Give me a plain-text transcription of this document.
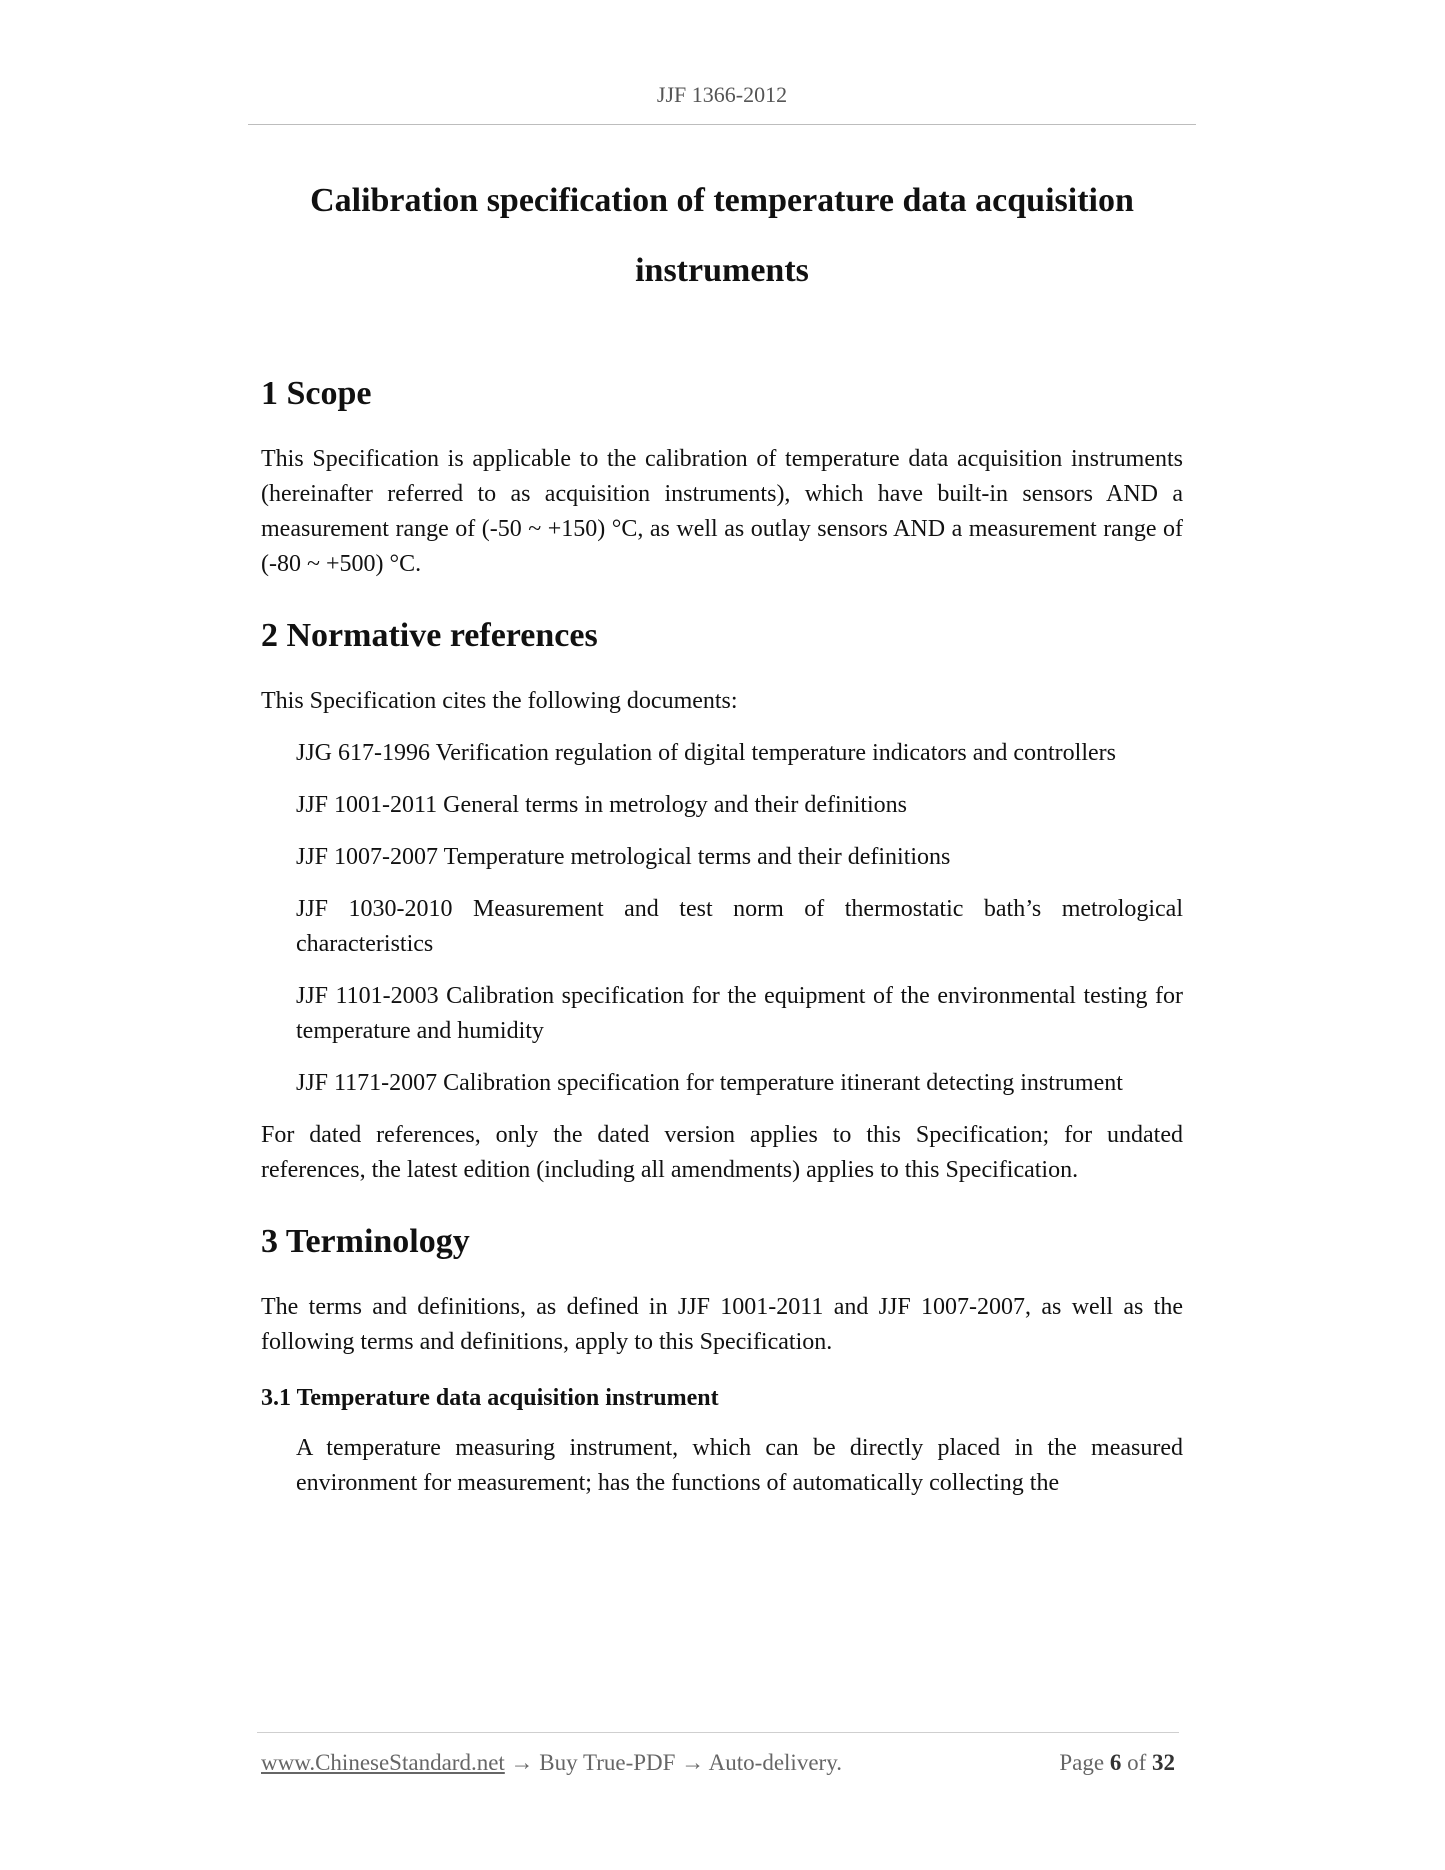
JJF 1366-2012
Calibration specification of temperature data acquisition
instruments
1 Scope

This Specification is applicable to the calibration of temperature data acquisition instruments (hereinafter referred to as acquisition instruments), which have built-in sensors AND a measurement range of (-50 ~ +150) °C, as well as outlay sensors AND a measurement range of (-80 ~ +500) °C.

2 Normative references

This Specification cites the following documents:

JJG 617-1996 Verification regulation of digital temperature indicators and controllers

JJF 1001-2011 General terms in metrology and their definitions

JJF 1007-2007 Temperature metrological terms and their definitions

JJF 1030-2010 Measurement and test norm of thermostatic bath’s metrological characteristics

JJF 1101-2003 Calibration specification for the equipment of the environmental testing for temperature and humidity

JJF 1171-2007 Calibration specification for temperature itinerant detecting instrument

For dated references, only the dated version applies to this Specification; for undated references, the latest edition (including all amendments) applies to this Specification.

3 Terminology

The terms and definitions, as defined in JJF 1001-2011 and JJF 1007-2007, as well as the following terms and definitions, apply to this Specification.

3.1 Temperature data acquisition instrument

A temperature measuring instrument, which can be directly placed in the measured environment for measurement; has the functions of automatically collecting the

www.ChineseStandard.net → Buy True-PDF → Auto-delivery.	Page 6 of 32
